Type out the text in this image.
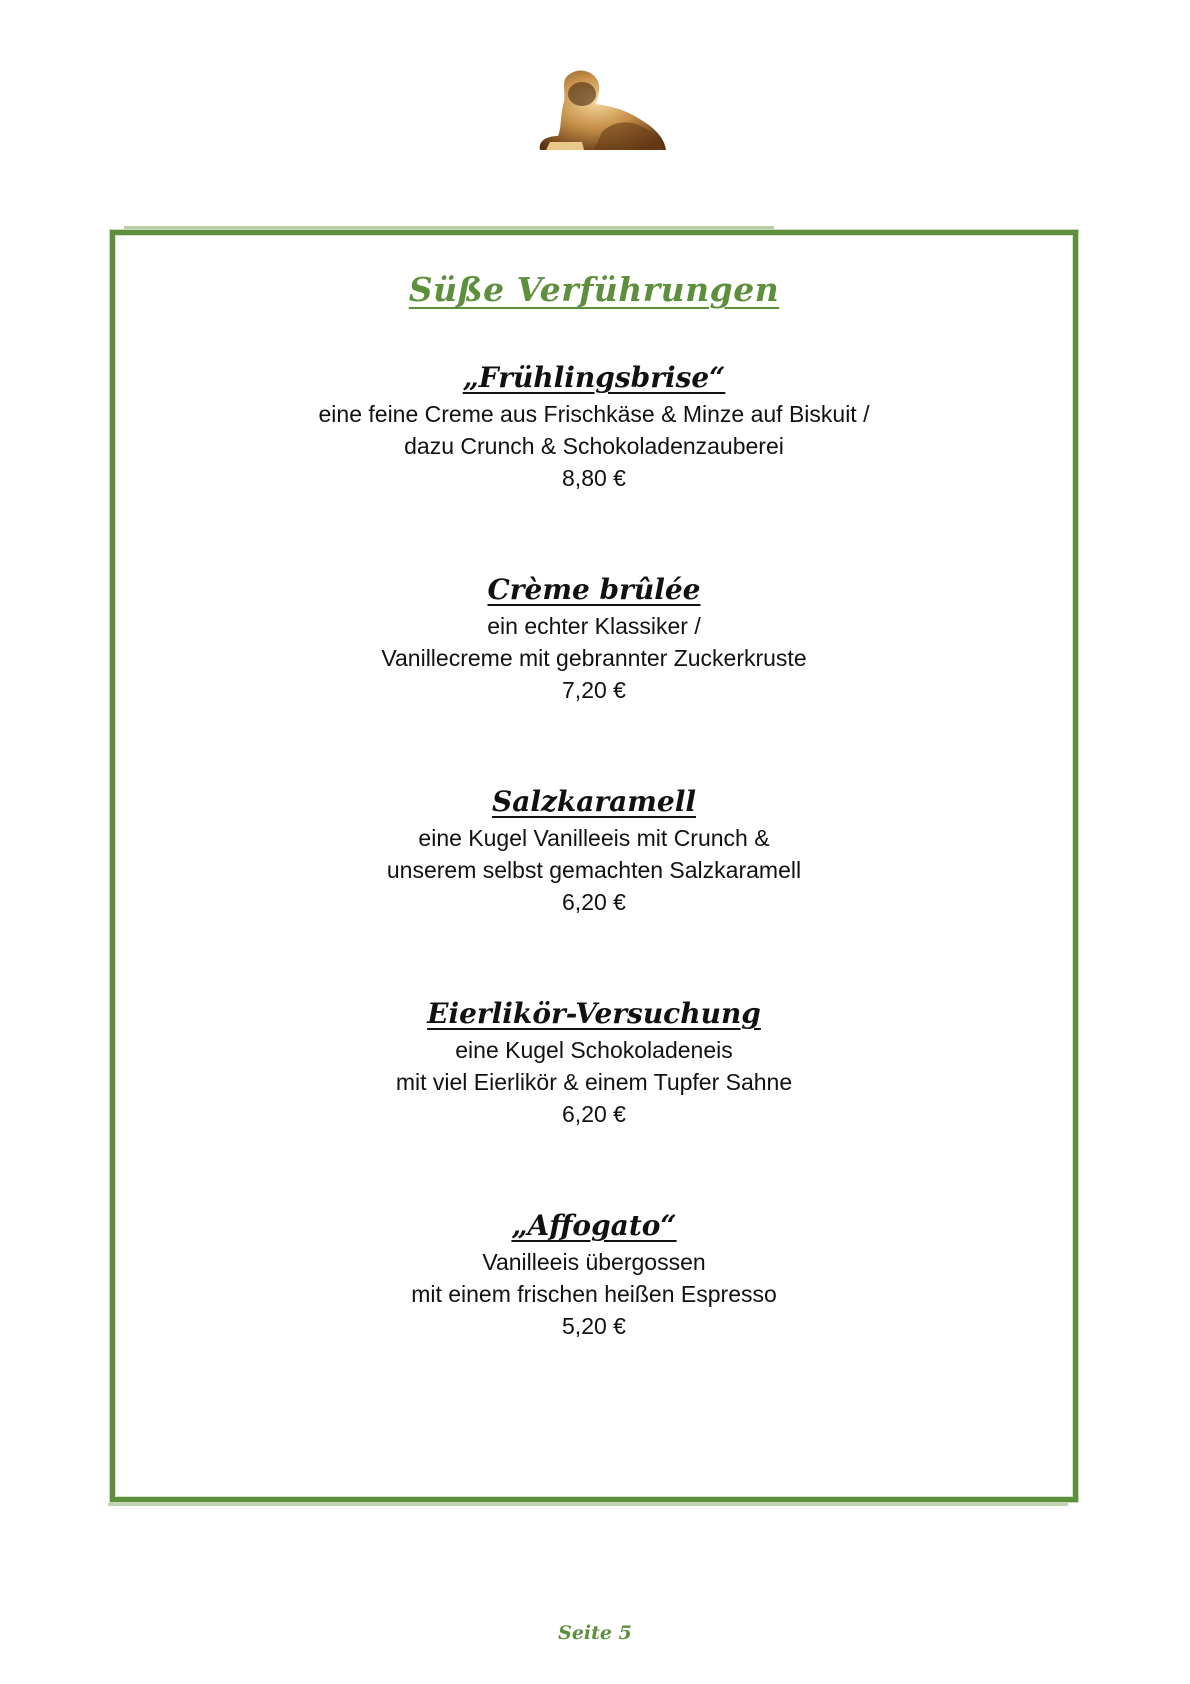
Süße Verführungen
„Frühlingsbrise“
eine feine Creme aus Frischkäse & Minze auf Biskuit /
dazu Crunch & Schokoladenzauberei
8,80 €
Crème brûlée
ein echter Klassiker /
Vanillecreme mit gebrannter Zuckerkruste
7,20 €
Salzkaramell
eine Kugel Vanilleeis mit Crunch &
unserem selbst gemachten Salzkaramell
6,20 €
Eierlikör-Versuchung
eine Kugel Schokoladeneis
mit viel Eierlikör & einem Tupfer Sahne
6,20 €
„Affogato“
Vanilleeis übergossen
mit einem frischen heißen Espresso
5,20 €
Seite 5
